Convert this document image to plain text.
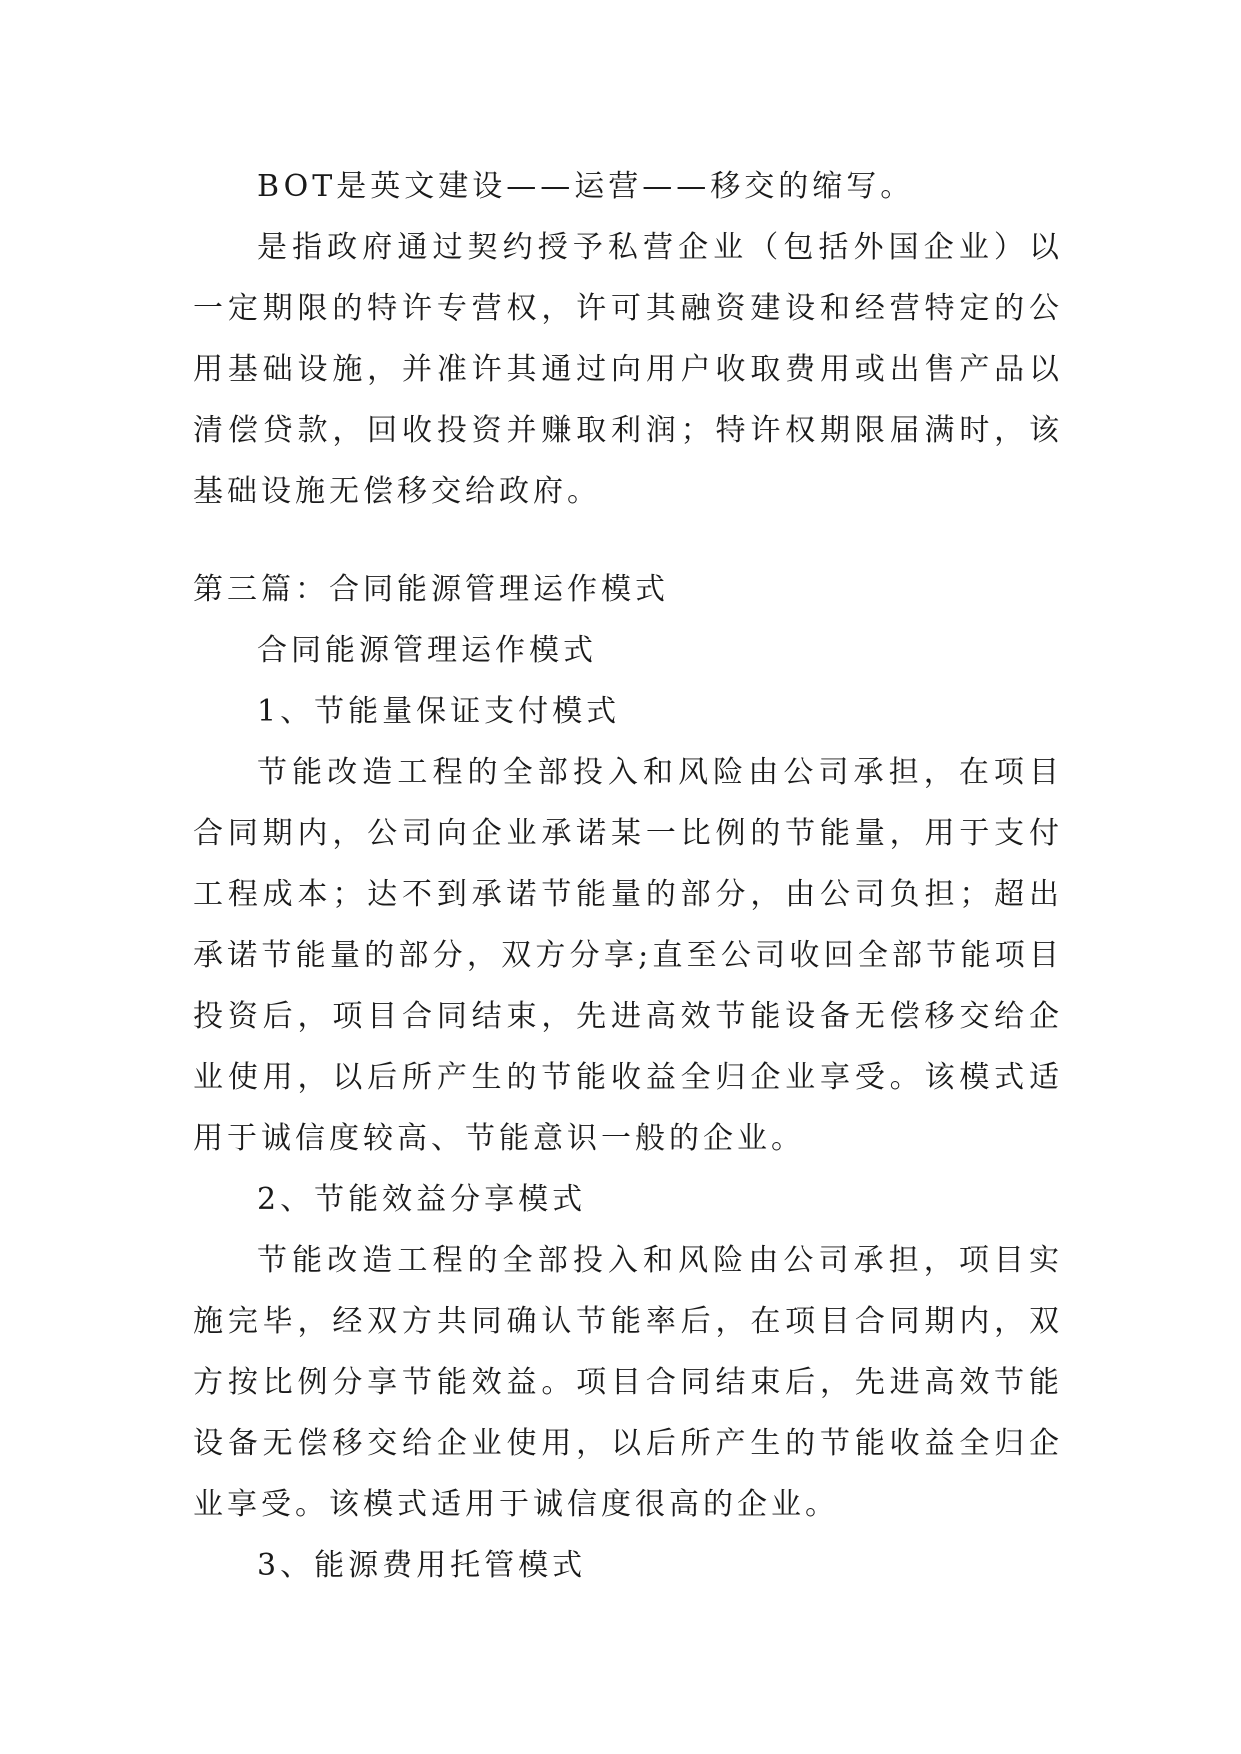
BOT是英文建设——运营——移交的缩写。

是指政府通过契约授予私营企业（包括外国企业）以一定期限的特许专营权，许可其融资建设和经营特定的公用基础设施，并准许其通过向用户收取费用或出售产品以清偿贷款，回收投资并赚取利润；特许权期限届满时，该基础设施无偿移交给政府。

第三篇：合同能源管理运作模式

合同能源管理运作模式

1、节能量保证支付模式

节能改造工程的全部投入和风险由公司承担，在项目合同期内，公司向企业承诺某一比例的节能量，用于支付工程成本；达不到承诺节能量的部分，由公司负担；超出承诺节能量的部分，双方分享;直至公司收回全部节能项目投资后，项目合同结束，先进高效节能设备无偿移交给企业使用，以后所产生的节能收益全归企业享受。该模式适用于诚信度较高、节能意识一般的企业。

2、节能效益分享模式

节能改造工程的全部投入和风险由公司承担，项目实施完毕，经双方共同确认节能率后，在项目合同期内，双方按比例分享节能效益。项目合同结束后，先进高效节能设备无偿移交给企业使用，以后所产生的节能收益全归企业享受。该模式适用于诚信度很高的企业。

3、能源费用托管模式
